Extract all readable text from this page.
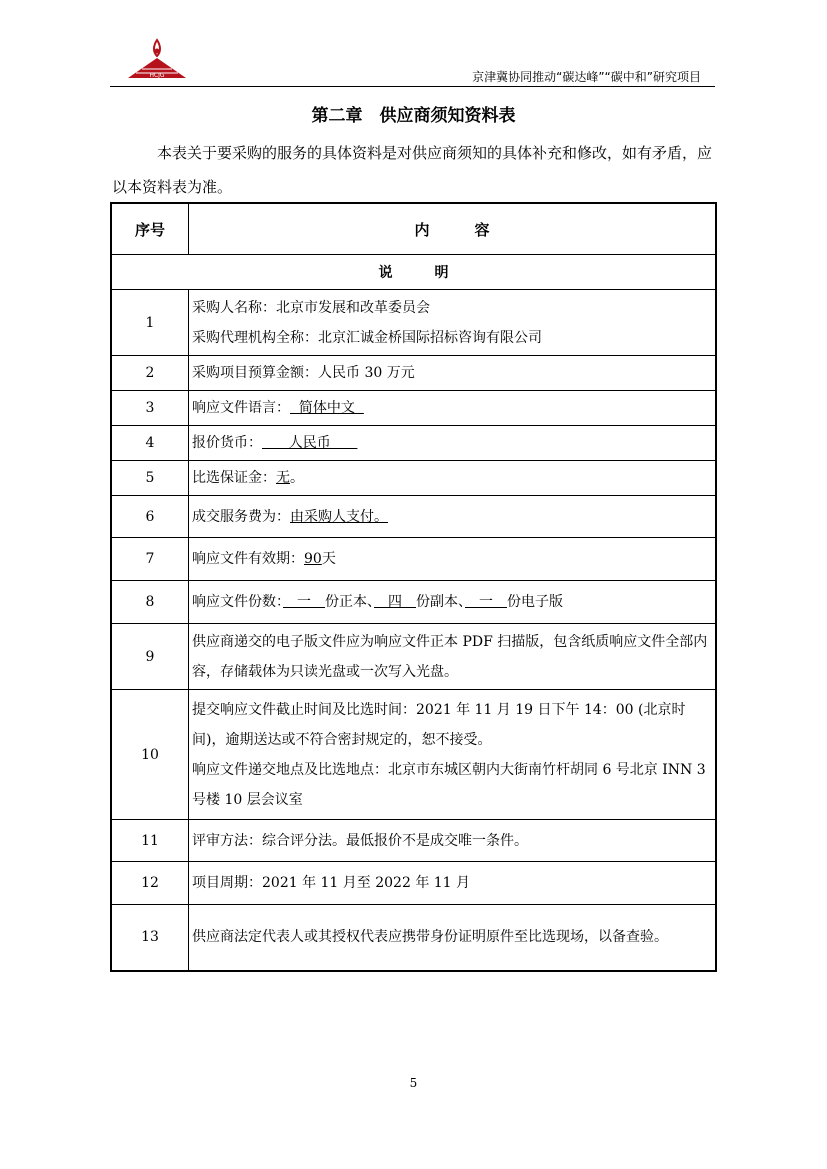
HCJG	京津冀协同推动“碳达峰”“碳中和”研究项目
第二章　供应商须知资料表
本表关于要采购的服务的具体资料是对供应商须知的具体补充和修改，如有矛盾，应以本资料表为准。
序号	内　　　容
说　　　明	
1	采购人名称：北京市发展和改革委员会
采购代理机构全称：北京汇诚金桥国际招标咨询有限公司

2	采购项目预算金额：人民币 30 万元
3	响应文件语言：  简体中文
4	报价货币：      人民币
5	比选保证金：无。
6	成交服务费为：由采购人支付。
7	响应文件有效期：90天
8	响应文件份数：　一　份正本、　四　份副本、　一　份电子版
9	供应商递交的电子版文件应为响应文件正本 PDF 扫描版，包含纸质响应文件全部内容，存储载体为只读光盘或一次写入光盘。
10	提交响应文件截止时间及比选时间：2021 年 11 月 19 日下午 14：00 (北京时间)，逾期送达或不符合密封规定的，恕不接受。
响应文件递交地点及比选地点：北京市东城区朝内大街南竹杆胡同 6 号北京 INN 3 号楼 10 层会议室

11	评审方法：综合评分法。最低报价不是成交唯一条件。
12	项目周期：2021 年 11 月至 2022 年 11 月
13	供应商法定代表人或其授权代表应携带身份证明原件至比选现场，以备查验。
5
